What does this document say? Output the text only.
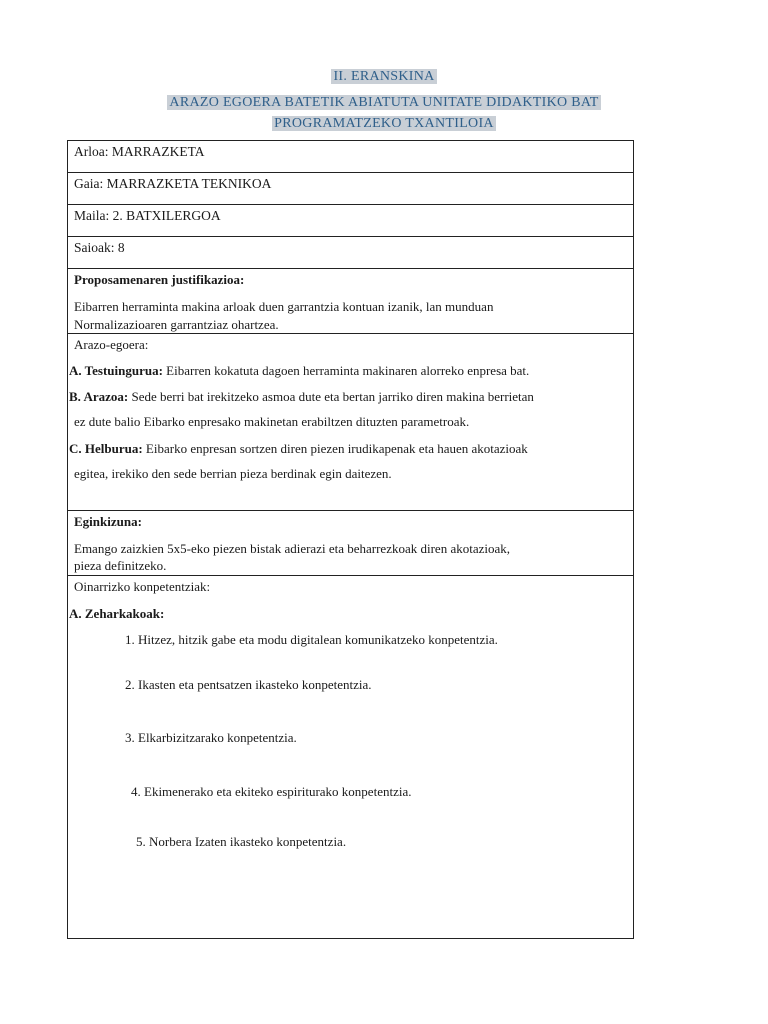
II. ERANSKINA
ARAZO EGOERA BATETIK ABIATUTA UNITATE DIDAKTIKO BAT
PROGRAMATZEKO TXANTILOIA
Arloa: MARRAZKETA
Gaia: MARRAZKETA TEKNIKOA
Maila: 2. BATXILERGOA
Saioak: 8

Proposamenaren justifikazioa:
Eibarren herraminta makina arloak duen garrantzia kontuan izanik, lan munduan
Normalizazioaren garrantziaz ohartzea.

Arazo-egoera:
A. Testuingurua: Eibarren kokatuta dagoen herraminta makinaren alorreko enpresa bat.
B. Arazoa: Sede berri bat irekitzeko asmoa dute eta bertan jarriko diren makina berrietan
ez dute balio Eibarko enpresako makinetan erabiltzen dituzten parametroak.
C. Helburua: Eibarko enpresan sortzen diren piezen irudikapenak eta hauen akotazioak
egitea, irekiko den sede berrian pieza berdinak egin daitezen.

Eginkizuna:
Emango zaizkien 5x5-eko piezen bistak adierazi eta beharrezkoak diren akotazioak,
pieza definitzeko.

Oinarrizko konpetentziak:
A. Zeharkakoak:
1. Hitzez, hitzik gabe eta modu digitalean komunikatzeko konpetentzia.
2. Ikasten eta pentsatzen ikasteko konpetentzia.
3. Elkarbizitzarako konpetentzia.
4. Ekimenerako eta ekiteko espiriturako konpetentzia.
5. Norbera Izaten ikasteko konpetentzia.
